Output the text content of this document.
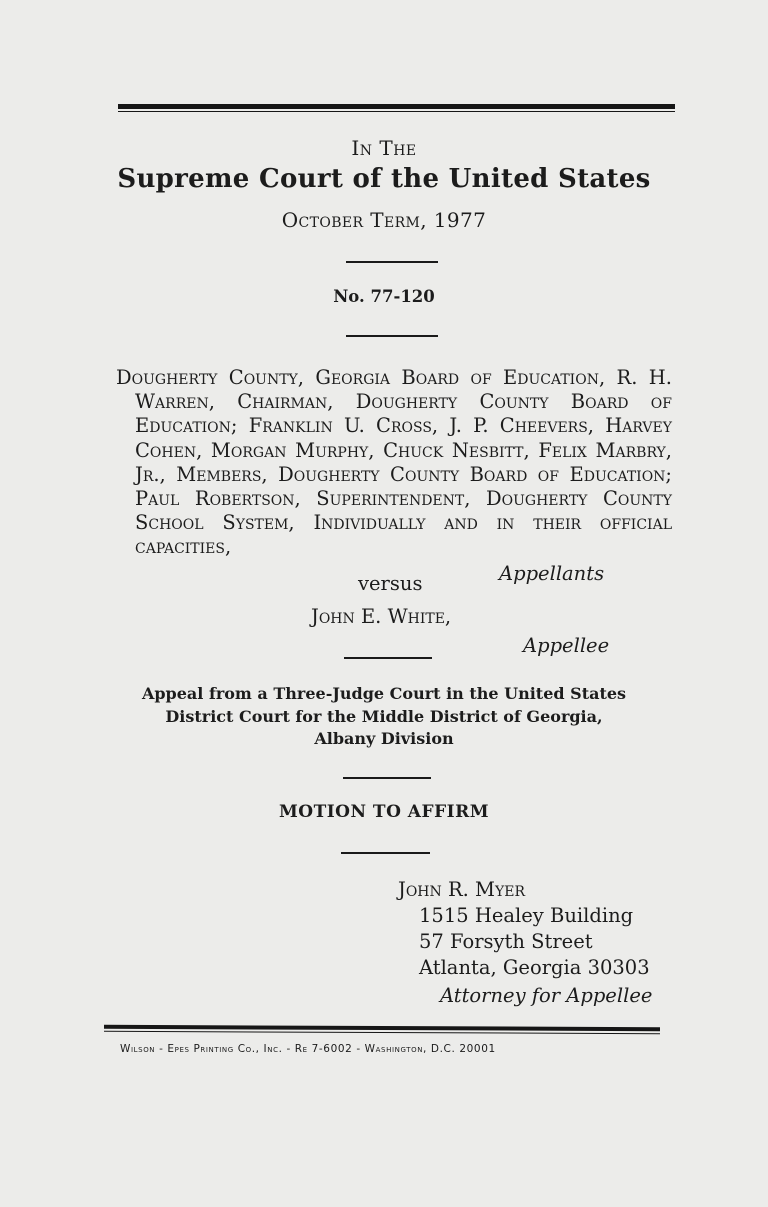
In The
Supreme Court of the United States
October Term, 1977
No. 77-120
Dougherty County, Georgia Board of Education, R. H. Warren, Chairman, Dougherty County Board of Education; Franklin U. Cross, J. P. Cheevers, Harvey Cohen, Morgan Murphy, Chuck Nesbitt, Felix Marbry, Jr., Members, Dougherty County Board of Education; Paul Robertson, Superintendent, Dougherty County School System, Individually and in their official capacities,
Appellants
versus
John E. White,
Appellee
Appeal from a Three-Judge Court in the United States
District Court for the Middle District of Georgia,
Albany Division
MOTION TO AFFIRM
John R. Myer
1515 Healey Building
57 Forsyth Street
Atlanta, Georgia 30303
Attorney for Appellee
Wilson - Epes Printing Co., Inc. - Re 7-6002 - Washington, D.C. 20001
